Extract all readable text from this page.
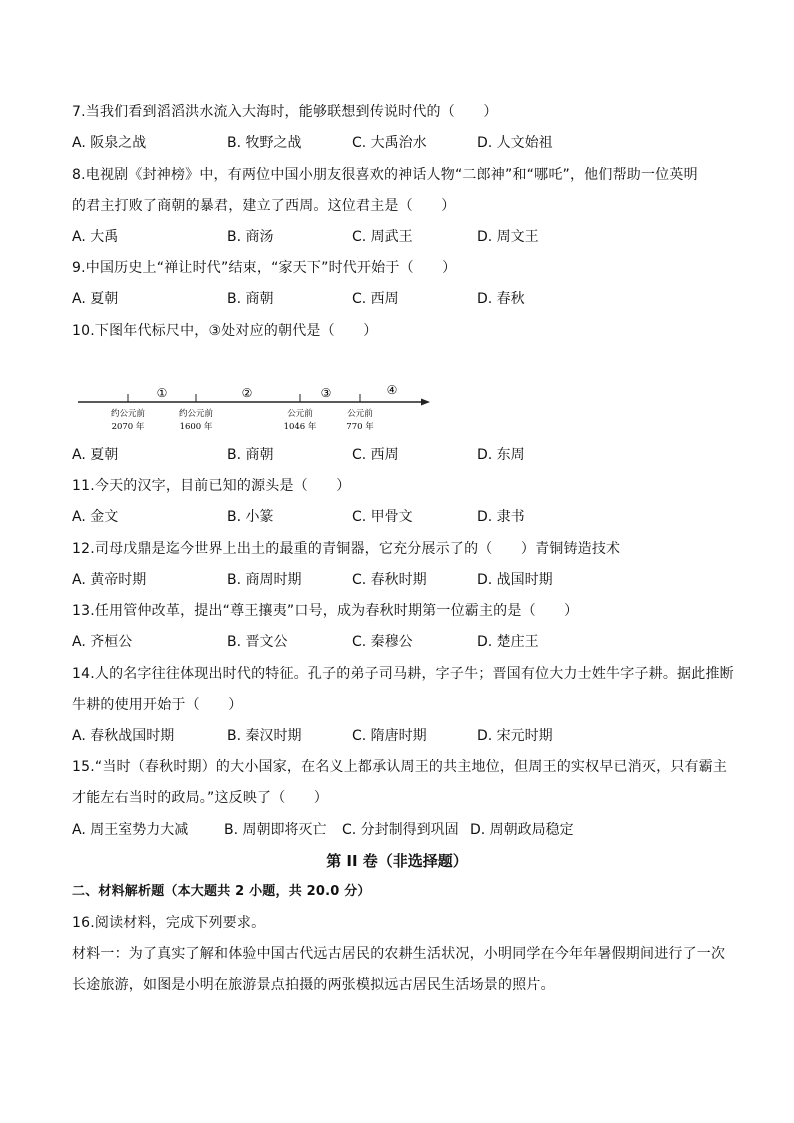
7.当我们看到滔滔洪水流入大海时，能够联想到传说时代的（　　）
A. 阪泉之战	B. 牧野之战	C. 大禹治水	D. 人文始祖
8.电视剧《封神榜》中，有两位中国小朋友很喜欢的神话人物“二郎神”和“哪吒”，他们帮助一位英明
的君主打败了商朝的暴君，建立了西周。这位君主是（　　）
A. 大禹	B. 商汤	C. 周武王	D. 周文王
9.中国历史上“禅让时代”结束，“家天下”时代开始于（　　）
A. 夏朝	B. 商朝	C. 西周	D. 春秋
10.下图年代标尺中，③处对应的朝代是（　　）
①	②	③	④
约公元前
2070 年
约公元前
1600 年
公元前
1046 年
公元前
770 年
A. 夏朝	B. 商朝	C. 西周	D. 东周
11.今天的汉字，目前已知的源头是（　　）
A. 金文	B. 小篆	C. 甲骨文	D. 隶书
12.司母戊鼎是迄今世界上出土的最重的青铜器，它充分展示了的（　　）青铜铸造技术
A. 黄帝时期	B. 商周时期	C. 春秋时期	D. 战国时期
13.任用管仲改革，提出“尊王攘夷”口号，成为春秋时期第一位霸主的是（　　）
A. 齐桓公	B. 晋文公	C. 秦穆公	D. 楚庄王
14.人的名字往往体现出时代的特征。孔子的弟子司马耕，字子牛；晋国有位大力士姓牛字子耕。据此推断
牛耕的使用开始于（　　）
A. 春秋战国时期	B. 秦汉时期	C. 隋唐时期	D. 宋元时期
15.“当时（春秋时期）的大小国家，在名义上都承认周王的共主地位，但周王的实权早已消灭，只有霸主
才能左右当时的政局。”这反映了（　　）
A. 周王室势力大减	B. 周朝即将灭亡 C. 分封制得到巩固 D. 周朝政局稳定
第 II 卷（非选择题）
二、材料解析题（本大题共 2 小题，共 20.0 分）
16.阅读材料，完成下列要求。
材料一：为了真实了解和体验中国古代远古居民的农耕生活状况，小明同学在今年年暑假期间进行了一次
长途旅游，如图是小明在旅游景点拍摄的两张模拟远古居民生活场景的照片。
